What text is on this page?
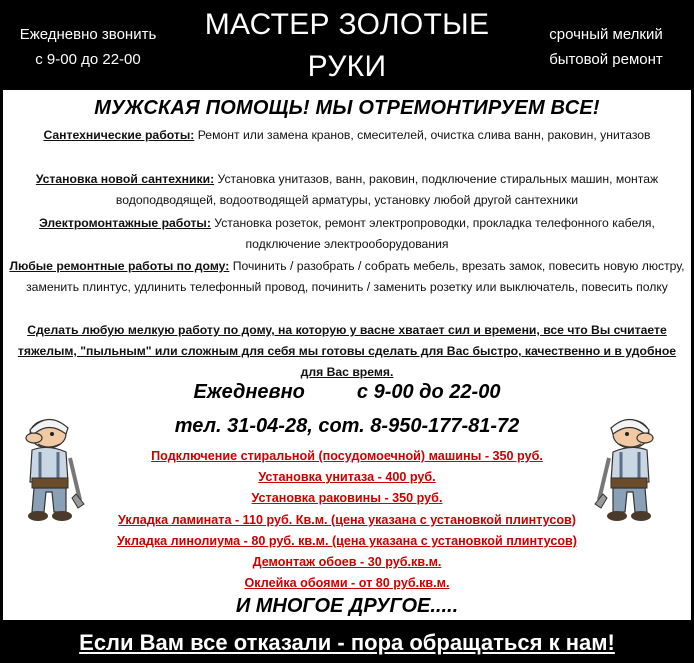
Ежедневно звонить
с 9-00 до 22-00
МАСТЕР ЗОЛОТЫЕ
РУКИ
срочный мелкий
бытовой ремонт
МУЖСКАЯ ПОМОЩЬ! МЫ ОТРЕМОНТИРУЕМ ВСЕ!
Сантехнические работы: Ремонт или замена кранов, смесителей, очистка слива ванн, раковин, унитазов
Установка новой сантехники: Установка унитазов, ванн, раковин, подключение стиральных машин, монтаж водоподводящей, водоотводящей арматуры, установку любой другой сантехники
Электромонтажные работы: Установка розеток, ремонт электропроводки, прокладка телефонного кабеля, подключение электрооборудования
Любые ремонтные работы по дому: Починить / разобрать / собрать мебель, врезать замок, повесить новую люстру, заменить плинтус, удлинить телефонный провод, починить / заменить розетку или выключатель, повесить полку
Сделать любую мелкую работу по дому, на которую у васне хватает сил и времени, все что Вы считаете тяжелым, "пыльным" или сложным для себя мы готовы сделать для Вас быстро, качественно и в удобное для Вас время.
Ежедневно	с 9-00 до 22-00
тел. 31-04-28, сот. 8-950-177-81-72
Подключение стиральной (посудомоечной) машины - 350 руб.
Установка унитаза - 400 руб.
Установка раковины - 350 руб.
Укладка ламината - 110 руб. Кв.м. (цена указана с установкой плинтусов)
Укладка линолиума - 80 руб. кв.м. (цена указана с установкой плинтусов)
Демонтаж обоев - 30 руб.кв.м.
Оклейка обоями - от 80 руб.кв.м.
И МНОГОЕ ДРУГОЕ.....
Если Вам все отказали - пора обращаться к нам!
